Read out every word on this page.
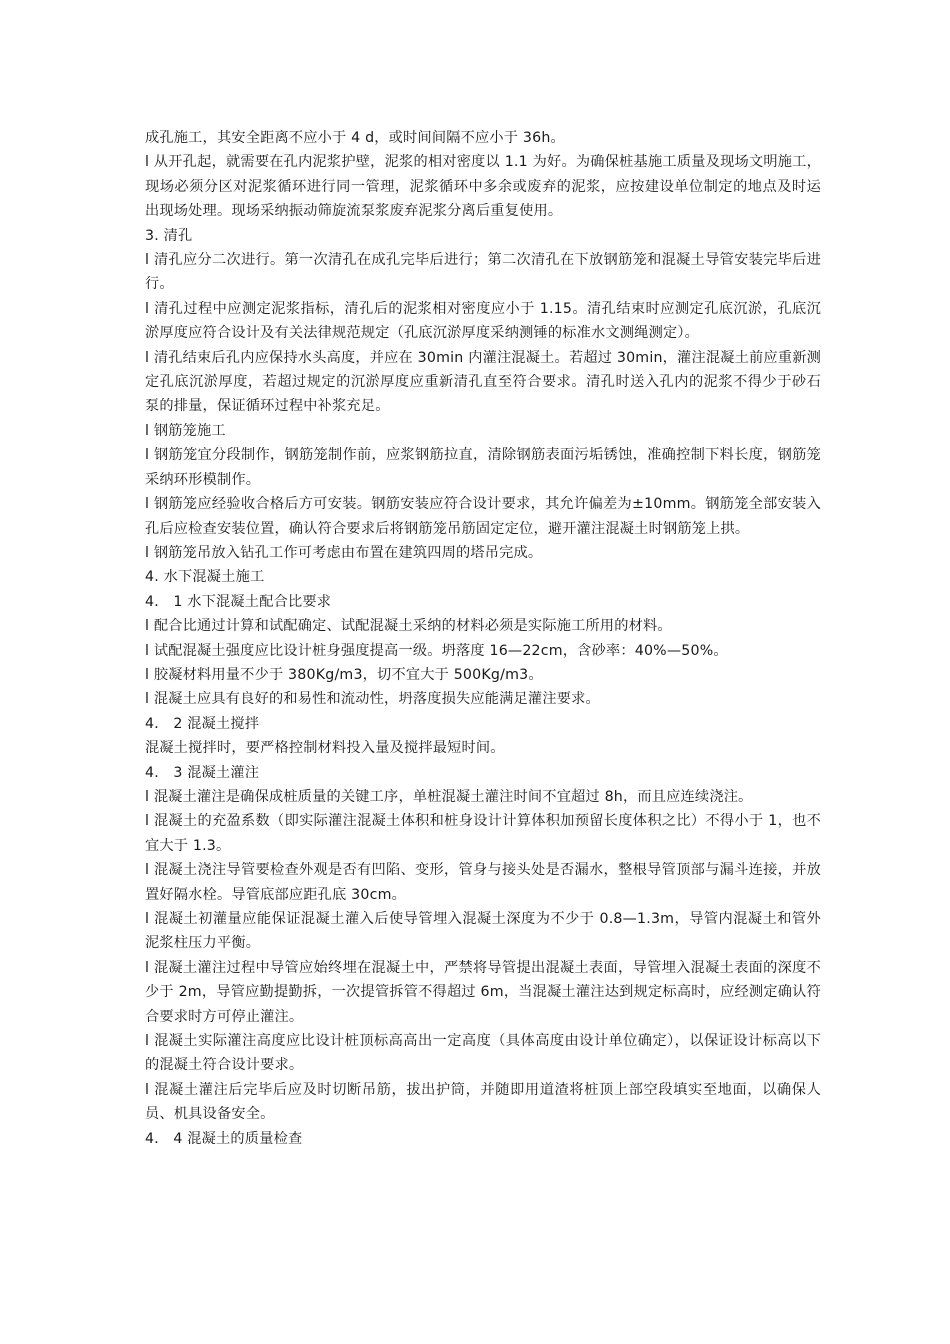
成孔施工，其安全距离不应小于 4 d，或时间间隔不应小于 36h。

l 从开孔起，就需要在孔内泥浆护壁，泥浆的相对密度以 1.1 为好。为确保桩基施工质量及现场文明施工，现场必须分区对泥浆循环进行同一管理，泥浆循环中多余或废弃的泥浆，应按建设单位制定的地点及时运出现场处理。现场采纳振动筛旋流泵浆废弃泥浆分离后重复使用。

3. 清孔

l 清孔应分二次进行。第一次清孔在成孔完毕后进行；第二次清孔在下放钢筋笼和混凝土导管安装完毕后进行。

l 清孔过程中应测定泥浆指标，清孔后的泥浆相对密度应小于 1.15。清孔结束时应测定孔底沉淤，孔底沉淤厚度应符合设计及有关法律规范规定（孔底沉淤厚度采纳测锤的标准水文测绳测定）。

l 清孔结束后孔内应保持水头高度，并应在 30min 内灌注混凝土。若超过 30min，灌注混凝土前应重新测定孔底沉淤厚度，若超过规定的沉淤厚度应重新清孔直至符合要求。清孔时送入孔内的泥浆不得少于砂石泵的排量，保证循环过程中补浆充足。

l 钢筋笼施工

l 钢筋笼宜分段制作，钢筋笼制作前，应浆钢筋拉直，清除钢筋表面污垢锈蚀，准确控制下料长度，钢筋笼采纳环形模制作。

l 钢筋笼应经验收合格后方可安装。钢筋安装应符合设计要求，其允许偏差为±10mm。钢筋笼全部安装入孔后应检查安装位置，确认符合要求后将钢筋笼吊筋固定定位，避开灌注混凝土时钢筋笼上拱。

l 钢筋笼吊放入钻孔工作可考虑由布置在建筑四周的塔吊完成。

4. 水下混凝土施工

4． 1 水下混凝土配合比要求

l 配合比通过计算和试配确定、试配混凝土采纳的材料必须是实际施工所用的材料。

l 试配混凝土强度应比设计桩身强度提高一级。坍落度 16—22cm，含砂率：40%—50%。

l 胶凝材料用量不少于 380Kg/m3，切不宜大于 500Kg/m3。

l 混凝土应具有良好的和易性和流动性，坍落度损失应能满足灌注要求。

4． 2 混凝土搅拌

混凝土搅拌时，要严格控制材料投入量及搅拌最短时间。

4． 3 混凝土灌注

l 混凝土灌注是确保成桩质量的关键工序，单桩混凝土灌注时间不宜超过 8h，而且应连续浇注。

l 混凝土的充盈系数（即实际灌注混凝土体积和桩身设计计算体积加预留长度体积之比）不得小于 1，也不宜大于 1.3。

l 混凝土浇注导管要检查外观是否有凹陷、变形，管身与接头处是否漏水，整根导管顶部与漏斗连接，并放置好隔水栓。导管底部应距孔底 30cm。

l 混凝土初灌量应能保证混凝土灌入后使导管埋入混凝土深度为不少于 0.8—1.3m，导管内混凝土和管外泥浆柱压力平衡。

l 混凝土灌注过程中导管应始终埋在混凝土中，严禁将导管提出混凝土表面，导管埋入混凝土表面的深度不少于 2m，导管应勤提勤拆，一次提管拆管不得超过 6m，当混凝土灌注达到规定标高时，应经测定确认符合要求时方可停止灌注。

l 混凝土实际灌注高度应比设计桩顶标高高出一定高度（具体高度由设计单位确定），以保证设计标高以下的混凝土符合设计要求。

l 混凝土灌注后完毕后应及时切断吊筋，拔出护筒，并随即用道渣将桩顶上部空段填实至地面，以确保人员、机具设备安全。

4． 4 混凝土的质量检查
